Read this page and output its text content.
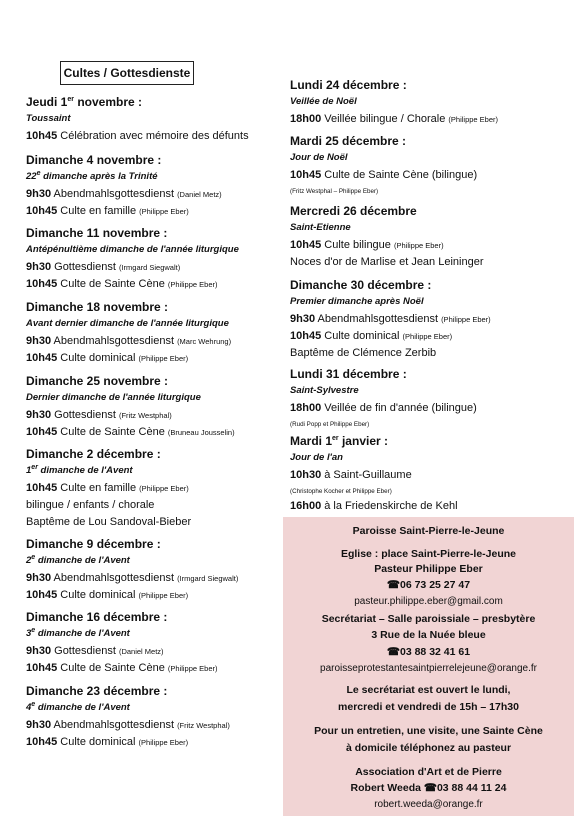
Cultes / Gottesdienste
Jeudi 1er novembre :
Toussaint
10h45 Célébration avec mémoire des défunts
Dimanche 4 novembre :
22e dimanche après la Trinité
9h30 Abendmahlsgottesdienst (Daniel Metz)
10h45 Culte en famille (Philippe Eber)
Dimanche 11 novembre :
Antépénultième dimanche de l'année liturgique
9h30 Gottesdienst (Irmgard Siegwalt)
10h45 Culte de Sainte Cène (Philippe Eber)
Dimanche 18 novembre :
Avant dernier dimanche de l'année liturgique
9h30 Abendmahlsgottesdienst (Marc Wehrung)
10h45 Culte dominical (Philippe Eber)
Dimanche 25 novembre :
Dernier dimanche de l'année liturgique
9h30 Gottesdienst (Fritz Westphal)
10h45 Culte de Sainte Cène (Bruneau Jousselin)
Dimanche 2 décembre :
1er dimanche de l'Avent
10h45 Culte en famille (Philippe Eber)
bilingue / enfants / chorale
Baptême de Lou Sandoval-Bieber
Dimanche 9 décembre :
2e dimanche de l'Avent
9h30 Abendmahlsgottesdienst (Irmgard Siegwalt)
10h45 Culte dominical (Philippe Eber)
Dimanche 16 décembre :
3e dimanche de l'Avent
9h30 Gottesdienst (Daniel Metz)
10h45 Culte de Sainte Cène (Philippe Eber)
Dimanche 23 décembre :
4e dimanche de l'Avent
9h30 Abendmahlsgottesdienst (Fritz Westphal)
10h45 Culte dominical (Philippe Eber)
Lundi 24 décembre :
Veillée de Noël
18h00 Veillée bilingue / Chorale (Philippe Eber)
Mardi 25 décembre :
Jour de Noël
10h45 Culte de Sainte Cène (bilingue)
(Fritz Westphal – Philippe Eber)
Mercredi 26 décembre
Saint-Etienne
10h45 Culte bilingue (Philippe Eber)
Noces d'or de Marlise et Jean Leininger
Dimanche 30 décembre :
Premier dimanche après Noël
9h30 Abendmahlsgottesdienst (Philippe Eber)
10h45 Culte dominical (Philippe Eber)
Baptême de Clémence Zerbib
Lundi 31 décembre :
Saint-Sylvestre
18h00 Veillée de fin d'année (bilingue)
(Rudi Popp et Philippe Eber)
Mardi 1er janvier :
Jour de l'an
10h30 à Saint-Guillaume
(Christophe Kocher et Philippe Eber)
16h00 à la Friedenskirche de Kehl
Paroisse Saint-Pierre-le-Jeune
Eglise : place Saint-Pierre-le-Jeune
Pasteur Philippe Eber
☎06 73 25 27 47
pasteur.philippe.eber@gmail.com
Secrétariat – Salle paroissiale – presbytère
3 Rue de la Nuée bleue
☎03 88 32 41 61
paroisseprotestantesaintpierrelejeune@orange.fr
Le secrétariat est ouvert le lundi,
mercredi et vendredi de 15h – 17h30
Pour un entretien, une visite, une Sainte Cène
à domicile téléphonez au pasteur
Association d'Art et de Pierre
Robert Weeda ☎03 88 44 11 24
robert.weeda@orange.fr
